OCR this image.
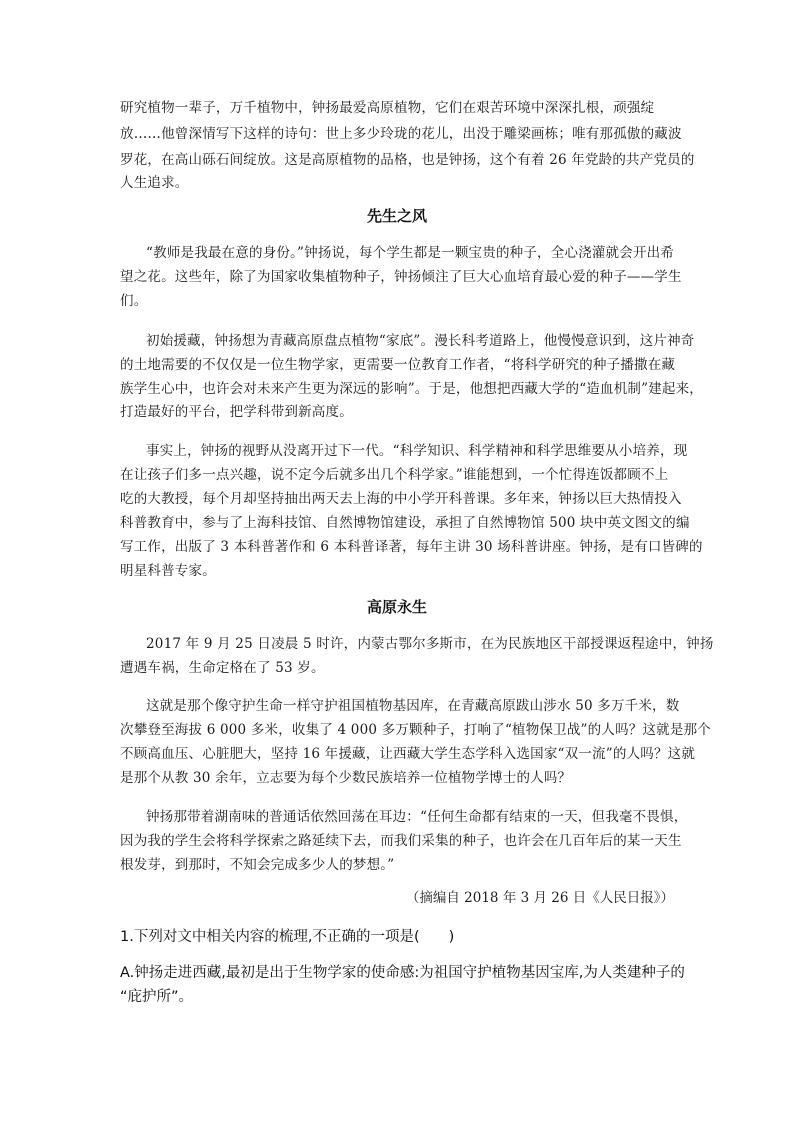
研究植物一辈子，万千植物中，钟扬最爱高原植物，它们在艰苦环境中深深扎根，顽强绽

放……他曾深情写下这样的诗句：世上多少玲珑的花儿，出没于雕梁画栋；唯有那孤傲的藏波

罗花，在高山砾石间绽放。这是高原植物的品格，也是钟扬，这个有着 26 年党龄的共产党员的

人生追求。

先生之风

“教师是我最在意的身份。”钟扬说，每个学生都是一颗宝贵的种子，全心浇灌就会开出希

望之花。这些年，除了为国家收集植物种子，钟扬倾注了巨大心血培育最心爱的种子——学生

们。

初始援藏，钟扬想为青藏高原盘点植物“家底”。漫长科考道路上，他慢慢意识到，这片神奇

的土地需要的不仅仅是一位生物学家，更需要一位教育工作者，“将科学研究的种子播撒在藏

族学生心中，也许会对未来产生更为深远的影响”。于是，他想把西藏大学的“造血机制”建起来，

打造最好的平台，把学科带到新高度。

事实上，钟扬的视野从没离开过下一代。“科学知识、科学精神和科学思维要从小培养，现

在让孩子们多一点兴趣，说不定今后就多出几个科学家。”谁能想到，一个忙得连饭都顾不上

吃的大教授，每个月却坚持抽出两天去上海的中小学开科普课。多年来，钟扬以巨大热情投入

科普教育中，参与了上海科技馆、自然博物馆建设，承担了自然博物馆 500 块中英文图文的编

写工作，出版了 3 本科普著作和 6 本科普译著，每年主讲 30 场科普讲座。钟扬，是有口皆碑的

明星科普专家。

高原永生

2017 年 9 月 25 日凌晨 5 时许，内蒙古鄂尔多斯市，在为民族地区干部授课返程途中，钟扬

遭遇车祸，生命定格在了 53 岁。

这就是那个像守护生命一样守护祖国植物基因库，在青藏高原跋山涉水 50 多万千米，数

次攀登至海拔 6 000 多米，收集了 4 000 多万颗种子，打响了“植物保卫战”的人吗？这就是那个

不顾高血压、心脏肥大，坚持 16 年援藏，让西藏大学生态学科入选国家“双一流”的人吗？这就

是那个从教 30 余年，立志要为每个少数民族培养一位植物学博士的人吗？

钟扬那带着湖南味的普通话依然回荡在耳边：“任何生命都有结束的一天，但我毫不畏惧，

因为我的学生会将科学探索之路延续下去，而我们采集的种子，也许会在几百年后的某一天生

根发芽，到那时，不知会完成多少人的梦想。”

（摘编自 2018 年 3 月 26 日《人民日报》）

1.下列对文中相关内容的梳理,不正确的一项是(　　)

A.钟扬走进西藏,最初是出于生物学家的使命感:为祖国守护植物基因宝库,为人类建种子的

“庇护所”。
